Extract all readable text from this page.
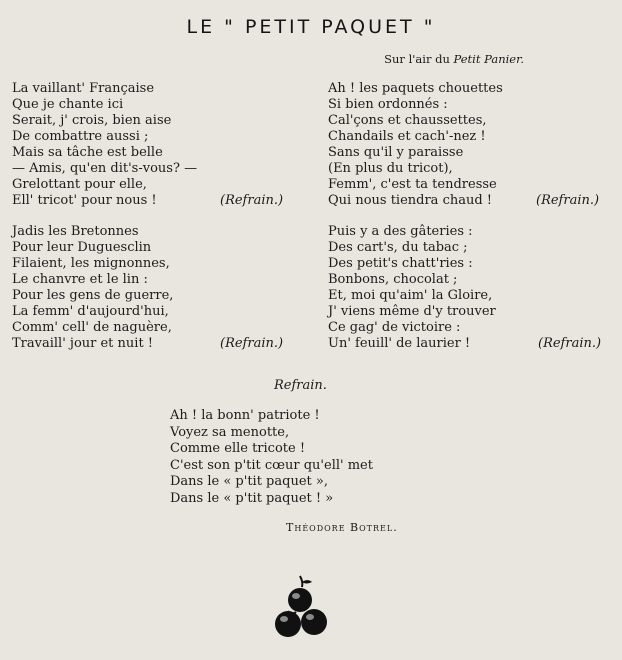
LE " PETIT PAQUET "
Sur l'air du Petit Panier.
La vaillant' Française
Que je chante ici
Serait, j' crois, bien aise
De combattre aussi ;
Mais sa tâche est belle
— Amis, qu'en dit's-vous? —
Grelottant pour elle,
Ell' tricot' pour nous !	(Refrain.)
Jadis les Bretonnes
Pour leur Duguesclin
Filaient, les mignonnes,
Le chanvre et le lin :
Pour les gens de guerre,
La femm' d'aujourd'hui,
Comm' cell' de naguère,
Travaill' jour et nuit !	(Refrain.)
Ah ! les paquets chouettes
Si bien ordonnés :
Cal'çons et chaussettes,
Chandails et cach'-nez !
Sans qu'il y paraisse
(En plus du tricot),
Femm', c'est ta tendresse
Qui nous tiendra chaud !	(Refrain.)
Puis y a des gâteries :
Des cart's, du tabac ;
Des petit's chatt'ries :
Bonbons, chocolat ;
Et, moi qu'aim' la Gloire,
J' viens même d'y trouver
Ce gag' de victoire :
Un' feuill' de laurier !	(Refrain.)
Refrain.
Ah ! la bonn' patriote !
Voyez sa menotte,
Comme elle tricote !
C'est son p'tit cœur qu'ell' met
Dans le « p'tit paquet »,
Dans le « p'tit paquet ! »
Théodore Botrel.
